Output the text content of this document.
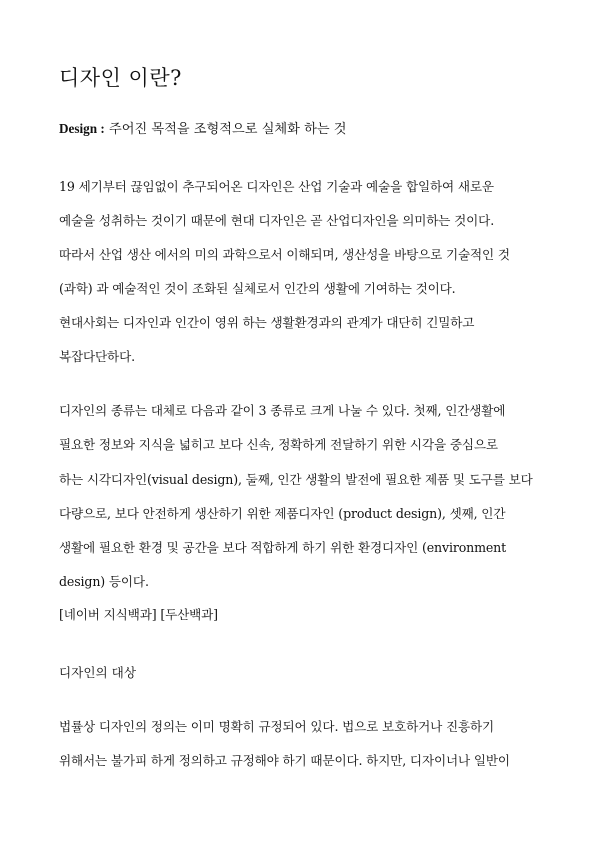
디자인 이란?
Design : 주어진 목적을 조형적으로 실체화 하는 것
19 세기부터 끊임없이 추구되어온 디자인은 산업 기술과 예술을 합일하여 새로운
예술을 성취하는 것이기 때문에 현대 디자인은 곧 산업디자인을 의미하는 것이다.
따라서 산업 생산 에서의 미의 과학으로서 이해되며, 생산성을 바탕으로 기술적인 것
(과학) 과 예술적인 것이 조화된 실체로서 인간의 생활에 기여하는 것이다.
현대사회는 디자인과 인간이 영위 하는 생활환경과의 관계가 대단히 긴밀하고
복잡다단하다.
디자인의 종류는 대체로 다음과 같이 3 종류로 크게 나눌 수 있다. 첫째, 인간생활에
필요한 정보와 지식을 넓히고 보다 신속, 정확하게 전달하기 위한 시각을 중심으로
하는 시각디자인(visual design), 둘째, 인간 생활의 발전에 필요한 제품 및 도구를 보다
다량으로, 보다 안전하게 생산하기 위한 제품디자인 (product design), 셋째, 인간
생활에 필요한 환경 및 공간을 보다 적합하게 하기 위한 환경디자인 (environment
design) 등이다.
[네이버 지식백과] [두산백과]
디자인의 대상
법률상 디자인의 정의는 이미 명확히 규정되어 있다. 법으로 보호하거나 진흥하기
위해서는 불가피 하게 정의하고 규정해야 하기 때문이다. 하지만, 디자이너나 일반이
